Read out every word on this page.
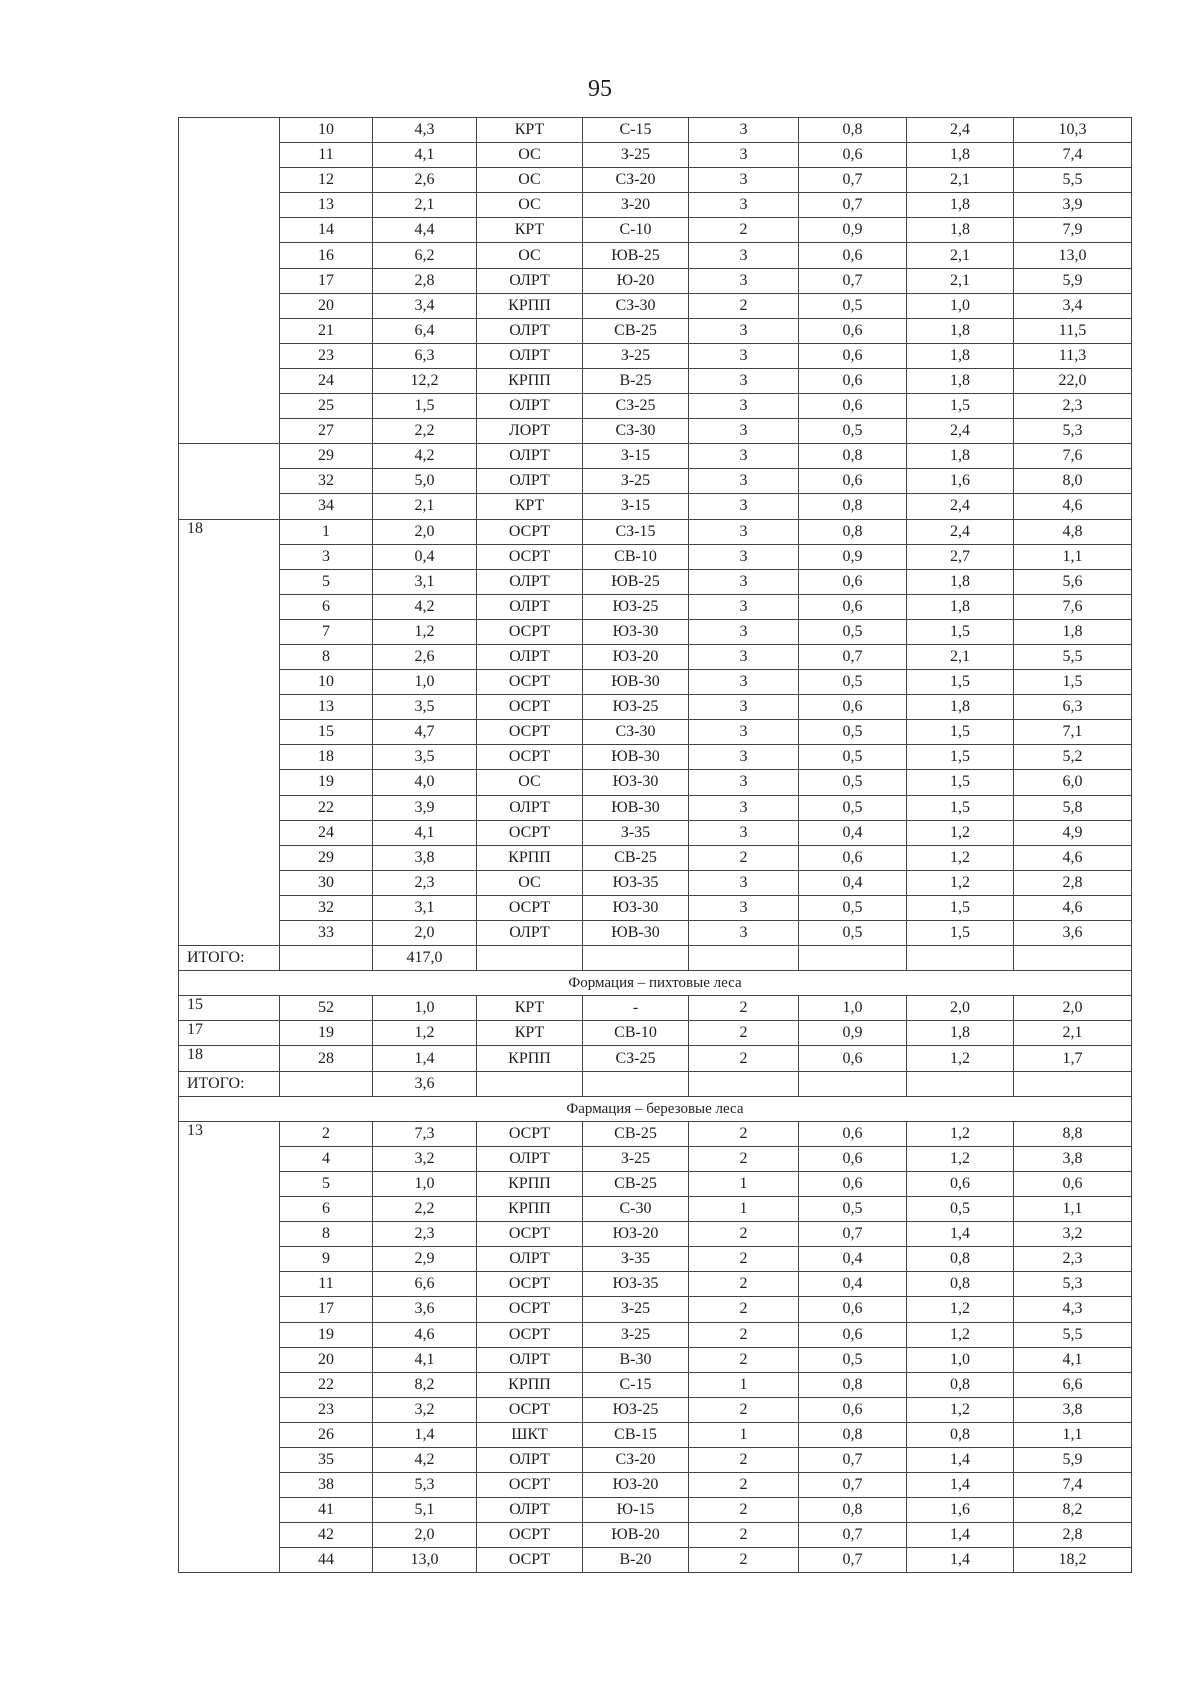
95
	10	4,3	КРТ	С-15	3	0,8	2,4	10,3
	11	4,1	ОС	З-25	3	0,6	1,8	7,4
	12	2,6	ОС	СЗ-20	3	0,7	2,1	5,5
	13	2,1	ОС	З-20	3	0,7	1,8	3,9
	14	4,4	КРТ	С-10	2	0,9	1,8	7,9
	16	6,2	ОС	ЮВ-25	3	0,6	2,1	13,0
	17	2,8	ОЛРТ	Ю-20	3	0,7	2,1	5,9
	20	3,4	КРПП	СЗ-30	2	0,5	1,0	3,4
	21	6,4	ОЛРТ	СВ-25	3	0,6	1,8	11,5
	23	6,3	ОЛРТ	З-25	3	0,6	1,8	11,3
	24	12,2	КРПП	В-25	3	0,6	1,8	22,0
	25	1,5	ОЛРТ	СЗ-25	3	0,6	1,5	2,3
	27	2,2	ЛОРТ	СЗ-30	3	0,5	2,4	5,3
	29	4,2	ОЛРТ	З-15	3	0,8	1,8	7,6
	32	5,0	ОЛРТ	З-25	3	0,6	1,6	8,0
	34	2,1	КРТ	З-15	3	0,8	2,4	4,6
18	1	2,0	ОСРТ	СЗ-15	3	0,8	2,4	4,8
	3	0,4	ОСРТ	СВ-10	3	0,9	2,7	1,1
	5	3,1	ОЛРТ	ЮВ-25	3	0,6	1,8	5,6
	6	4,2	ОЛРТ	ЮЗ-25	3	0,6	1,8	7,6
	7	1,2	ОСРТ	ЮЗ-30	3	0,5	1,5	1,8
	8	2,6	ОЛРТ	ЮЗ-20	3	0,7	2,1	5,5
	10	1,0	ОСРТ	ЮВ-30	3	0,5	1,5	1,5
	13	3,5	ОСРТ	ЮЗ-25	3	0,6	1,8	6,3
	15	4,7	ОСРТ	СЗ-30	3	0,5	1,5	7,1
	18	3,5	ОСРТ	ЮВ-30	3	0,5	1,5	5,2
	19	4,0	ОС	ЮЗ-30	3	0,5	1,5	6,0
	22	3,9	ОЛРТ	ЮВ-30	3	0,5	1,5	5,8
	24	4,1	ОСРТ	З-35	3	0,4	1,2	4,9
	29	3,8	КРПП	СВ-25	2	0,6	1,2	4,6
	30	2,3	ОС	ЮЗ-35	3	0,4	1,2	2,8
	32	3,1	ОСРТ	ЮЗ-30	3	0,5	1,5	4,6
	33	2,0	ОЛРТ	ЮВ-30	3	0,5	1,5	3,6
ИТОГО:		417,0						
Формация – пихтовые леса								
15	52	1,0	КРТ	-	2	1,0	2,0	2,0
17	19	1,2	КРТ	СВ-10	2	0,9	1,8	2,1
18	28	1,4	КРПП	СЗ-25	2	0,6	1,2	1,7
ИТОГО:		3,6						
Фармация – березовые леса								
13	2	7,3	ОСРТ	СВ-25	2	0,6	1,2	8,8
	4	3,2	ОЛРТ	З-25	2	0,6	1,2	3,8
	5	1,0	КРПП	СВ-25	1	0,6	0,6	0,6
	6	2,2	КРПП	С-30	1	0,5	0,5	1,1
	8	2,3	ОСРТ	ЮЗ-20	2	0,7	1,4	3,2
	9	2,9	ОЛРТ	З-35	2	0,4	0,8	2,3
	11	6,6	ОСРТ	ЮЗ-35	2	0,4	0,8	5,3
	17	3,6	ОСРТ	З-25	2	0,6	1,2	4,3
	19	4,6	ОСРТ	З-25	2	0,6	1,2	5,5
	20	4,1	ОЛРТ	В-30	2	0,5	1,0	4,1
	22	8,2	КРПП	С-15	1	0,8	0,8	6,6
	23	3,2	ОСРТ	ЮЗ-25	2	0,6	1,2	3,8
	26	1,4	ШКТ	СВ-15	1	0,8	0,8	1,1
	35	4,2	ОЛРТ	СЗ-20	2	0,7	1,4	5,9
	38	5,3	ОСРТ	ЮЗ-20	2	0,7	1,4	7,4
	41	5,1	ОЛРТ	Ю-15	2	0,8	1,6	8,2
	42	2,0	ОСРТ	ЮВ-20	2	0,7	1,4	2,8
	44	13,0	ОСРТ	В-20	2	0,7	1,4	18,2
